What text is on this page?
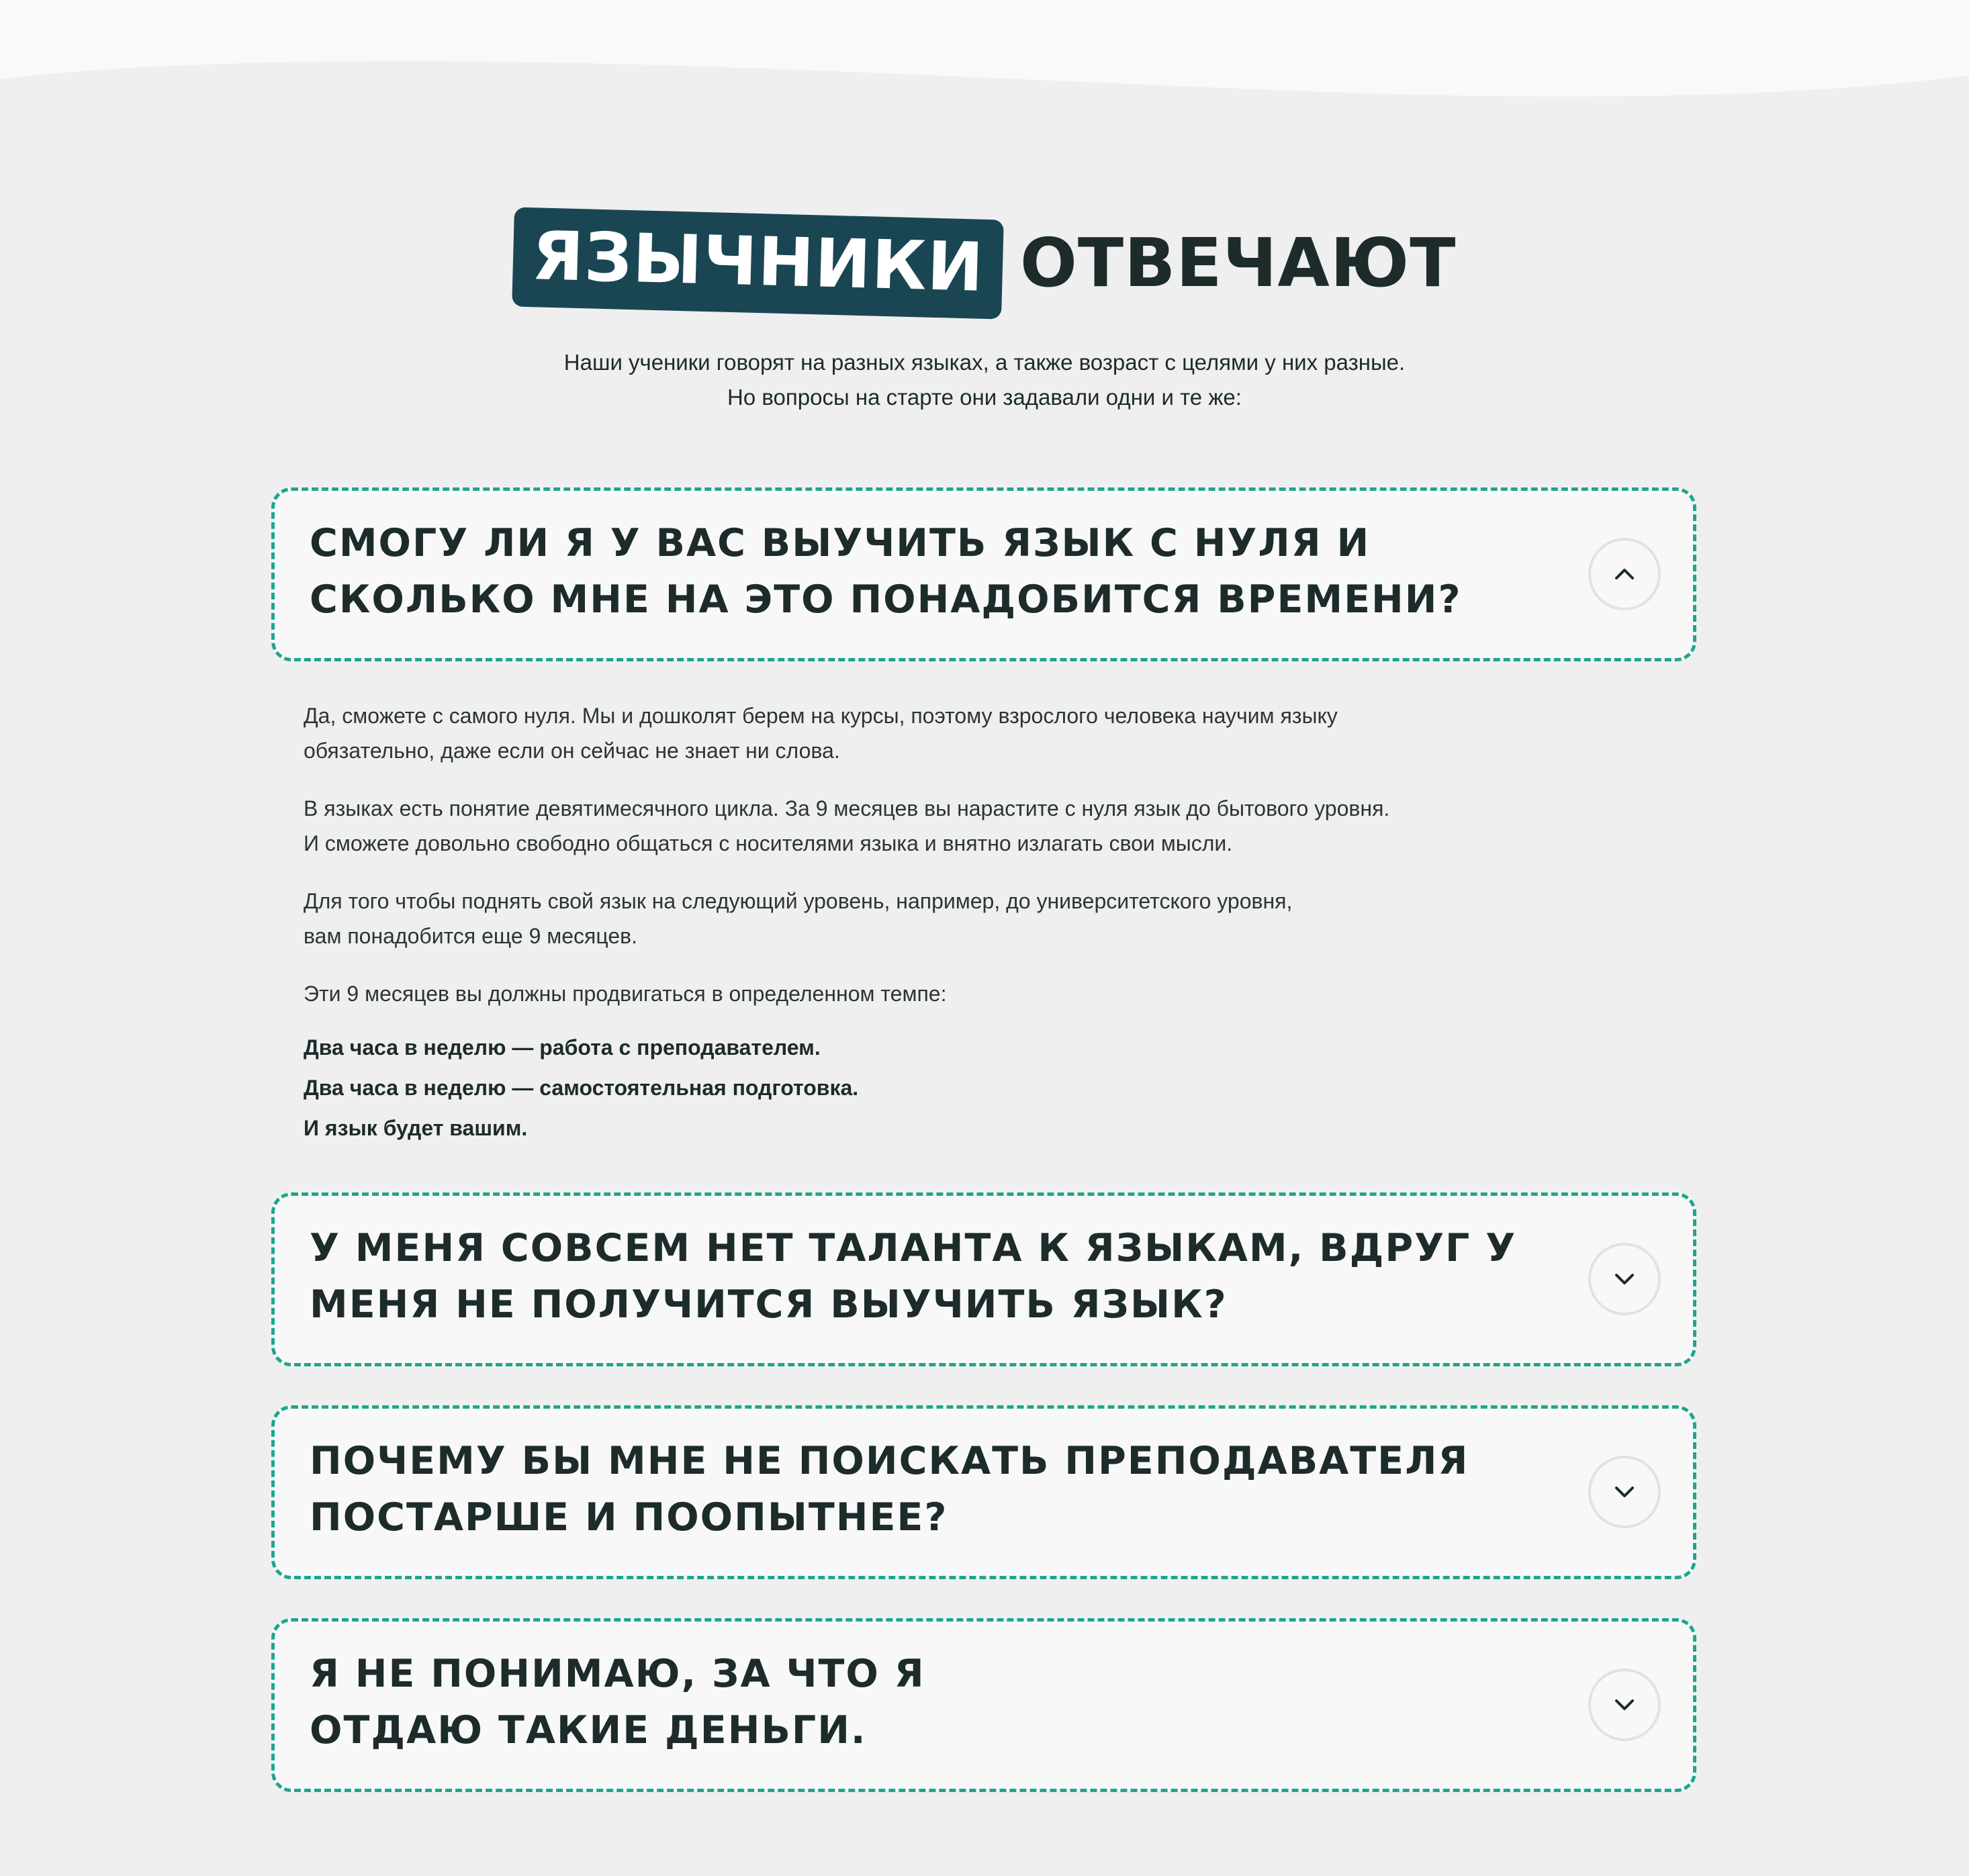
ЯЗЫЧНИКИ ОТВЕЧАЮТ
Наши ученики говорят на разных языках, а также возраст с целями у них разные.
Но вопросы на старте они задавали одни и те же:
СМОГУ ЛИ Я У ВАС ВЫУЧИТЬ ЯЗЫК С НУЛЯ И СКОЛЬКО МНЕ НА ЭТО ПОНАДОБИТСЯ ВРЕМЕНИ?

Да, сможете с самого нуля. Мы и дошколят берем на курсы, поэтому взрослого человека научим языку
обязательно, даже если он сейчас не знает ни слова.

В языках есть понятие девятимесячного цикла. За 9 месяцев вы нарастите с нуля язык до бытового уровня.
И сможете довольно свободно общаться с носителями языка и внятно излагать свои мысли.

Для того чтобы поднять свой язык на следующий уровень, например, до университетского уровня,
вам понадобится еще 9 месяцев.

Эти 9 месяцев вы должны продвигаться в определенном темпе:

Два часа в неделю — работа с преподавателем.
Два часа в неделю — самостоятельная подготовка.
И язык будет вашим.
У МЕНЯ СОВСЕМ НЕТ ТАЛАНТА К ЯЗЫКАМ, ВДРУГ У МЕНЯ НЕ ПОЛУЧИТСЯ ВЫУЧИТЬ ЯЗЫК?
ПОЧЕМУ БЫ МНЕ НЕ ПОИСКАТЬ ПРЕПОДАВАТЕЛЯ ПОСТАРШЕ И ПООПЫТНЕЕ?
Я НЕ ПОНИМАЮ, ЗА ЧТО Я ОТДАЮ ТАКИЕ ДЕНЬГИ.
